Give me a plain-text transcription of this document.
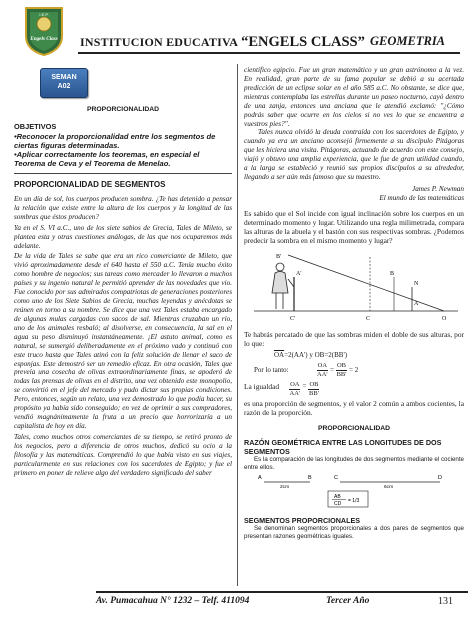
I.E.P.
Engels Class INSTITUCION EDUCATIVA “ENGELS CLASS” GEOMETRIA
SEMAN
A02
PROPORCIONALIDAD
OBJETIVOS
•Reconocer la proporcionalidad entre los segmentos de ciertas figuras determinadas.
•Aplicar correctamente los teoremas, en especial el Teorema de Ceva y el Teorema de Menelao.
PROPORCIONALIDAD DE SEGMENTOS

En un día de sol, los cuerpos producen sombra. ¿Te has detenido a pensar la relación que existe entre la altura de los cuerpos y la longitud de las sombras que éstos producen?

Ya en el S. VI a.C., uno de los siete sabios de Grecia, Tales de Mileto, se plantea esta y otras cuestiones análogas, de las que nos ocuparemos más adelante.

De la vida de Tales se sabe que era un rico comerciante de Mileto, que vivió aproximadamente desde el 640 hasta el 550 a.C. Tenía mucho éxito como hombre de negocios; sus tareas como mercader lo llevaron a muchos países y su ingenio natural le permitió aprender de las novedades que vio. Fue conocido por sus admirados compatriotas de generaciones posteriores como uno de los Siete Sabios de Grecia, muchas leyendas y anécdotas se reúnen en torno a su nombre. Se dice que una vez Tales estaba encargado de algunas mulas cargadas con sacos de sal. Mientras cruzaban un río, uno de los animales resbaló; al disolverse, en consecuencia, la sal en el agua su peso disminuyó instantáneamente. ¡El astuto animal, como es natural, se sumergió deliberadamente en el próximo vado y continuó con este truco hasta que Tales atinó con la feliz solución de llenar el saco de esponjas. Este demostró ser un remedio eficaz. En otra ocasión, Tales que preveía una cosecha de olivas extraordinariamente finas, se apoderó de todas las prensas de olivas en el distrito, una vez obtenido este monopolio, se convirtió en el jefe del mercado y pudo dictar sus propias condiciones. Pero, entonces, según un relato, una vez demostrado lo que podía hacer, su propósito ya había sido conseguido; en vez de oprimir a sus compradores, vendió magnánimamente la fruta a un precio que horrorizaría a un capitalista de hoy en día.

Tales, como muchos otros comerciantes de su tiempo, se retiró pronto de los negocios, pero a diferencia de otros muchos, dedicó su ocio a la filosofía y las matemáticas. Comprendió lo que había visto en sus viajes, particularmente en sus relaciones con los sacerdotes de Egipto; y fue el primero en poner de relieve algo del verdadero significado del saber

científico egipcio. Fue un gran matemático y un gran astrónomo a la vez. En realidad, gran parte de su fama popular se debió a su acertada predicción de un eclipse solar en el año 585 a.C. No obstante, se dice que, mientras contemplaba las estrellas durante un paseo nocturno, cayó dentro de una zanja, entonces una anciana que le atendió exclamó: "¿Cómo podrás saber que ocurre en los cielos si no ves lo que se encuentra a vuestros pies?".

Tales nunca olvidó la deuda contraída con los sacerdotes de Egipto, y cuando ya era un anciano aconsejó firmemente a su discípulo Pitágoras que les hiciera una visita. Pitágoras, actuando de acuerdo con este consejo, viajó y obtuvo una amplia experiencia, que le fue de gran utilidad cuando, a la larga se estableció y reunió sus propios discípulos a su alrededor, llegando a ser aún más famoso que su maestro.

James P. Newman
El mundo de las matemáticas

Es sabido que el Sol incide con igual inclinación sobre los cuerpos en un determinado momento y lugar. Utilizando una regla milimetrada, compara las alturas de la abuela y el bastón con sus respectivas sombras. ¿Podemos predecir la sombra en el mismo momento y lugar?

B'
B
N
A'
A
C'	C	O

Te habrás percatado de que las sombras miden el doble de sus alturas, por lo que:

$\overline{OA} =2(AA')$ y OB =2(BB')
Por lo tanto:	$\frac{OA}{AA'} = \frac{OB}{BB'} = 2$
La igualdad $\frac{OA}{AA'} = \frac{OB}{BB'}$

es una proporción de segmentos, y el valor 2 común a ambos cocientes, la razón de la proporción.

PROPORCIONALIDAD
RAZÓN GEOMÉTRICA ENTRE LAS LONGITUDES DE DOS SEGMENTOS

Es la comparación de las longitudes de dos segmentos mediante el cociente entre ellos.

A	B	C	D
2cm	6cm
AB
CD = 1/3
SEGMENTOS PROPORCIONALES

Se denominan segmentos proporcionales a dos pares de segmentos que presentan razones geométricas iguales.

Av. Pumacahua N° 1232 – Telf. 411094	Tercer Año	131
